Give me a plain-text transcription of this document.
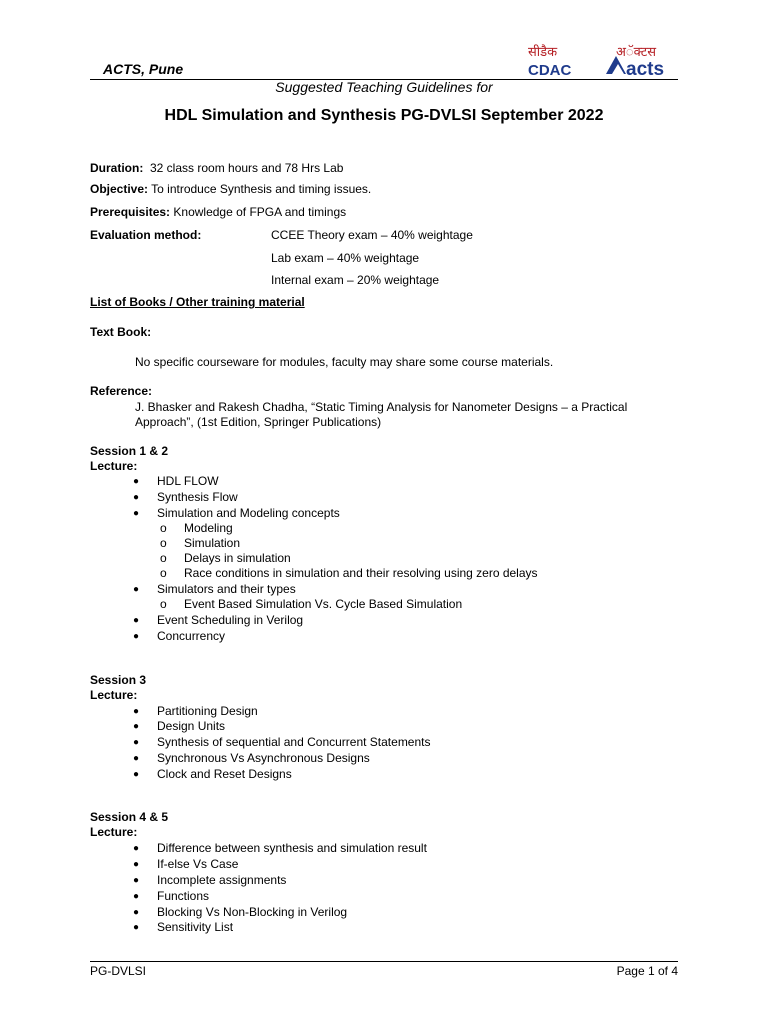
ACTS, Pune
सीडैक
CDAC
अॅक्टस
acts
Suggested Teaching Guidelines for
HDL Simulation and Synthesis PG-DVLSI September 2022
Duration: 32 class room hours and 78 Hrs Lab
Objective: To introduce Synthesis and timing issues.
Prerequisites: Knowledge of FPGA and timings
Evaluation method:	CCEE Theory exam – 40% weightage
Lab exam – 40% weightage
Internal exam – 20% weightage
List of Books / Other training material
Text Book:
No specific courseware for modules, faculty may share some course materials.
Reference:
J. Bhasker and Rakesh Chadha, “Static Timing Analysis for Nanometer Designs – a Practical
Approach”, (1st Edition, Springer Publications)
Session 1 & 2
Lecture:
● HDL FLOW
● Synthesis Flow
● Simulation and Modeling concepts
o Modeling
o Simulation
o Delays in simulation
o Race conditions in simulation and their resolving using zero delays
● Simulators and their types
o Event Based Simulation Vs. Cycle Based Simulation
● Event Scheduling in Verilog
● Concurrency
Session 3
Lecture:
● Partitioning Design
● Design Units
● Synthesis of sequential and Concurrent Statements
● Synchronous Vs Asynchronous Designs
● Clock and Reset Designs
Session 4 & 5
Lecture:
● Difference between synthesis and simulation result
● If-else Vs Case
● Incomplete assignments
● Functions
● Blocking Vs Non-Blocking in Verilog
● Sensitivity List
PG-DVLSI	Page 1 of 4
